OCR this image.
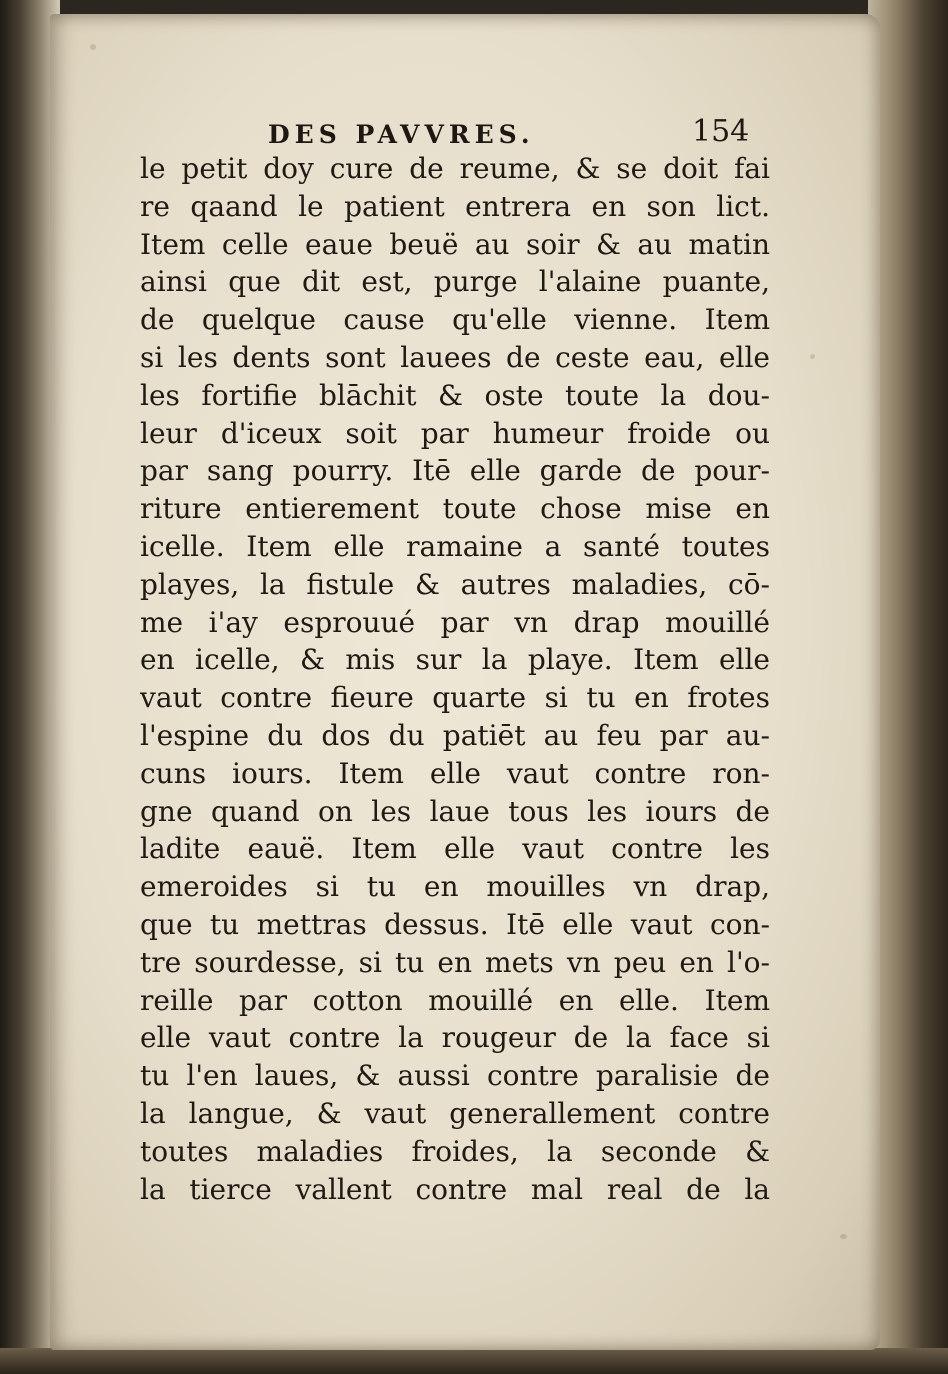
DES PAVVRES.	154
le petit doy cure de reume, & se doit fai
re qaand le patient entrera en son lict.
Item celle eaue beuë au soir & au matin
ainsi que dit est, purge l'alaine puante,
de quelque cause qu'elle vienne. Item
si les dents sont lauees de ceste eau, elle
les fortifie blāchit & oste toute la dou-
leur d'iceux soit par humeur froide ou
par sang pourry. Itē elle garde de pour-
riture entierement toute chose mise en
icelle. Item elle ramaine a santé toutes
playes, la fistule & autres maladies, cō-
me i'ay esprouué par vn drap mouillé
en icelle, & mis sur la playe. Item elle
vaut contre fieure quarte si tu en frotes
l'espine du dos du patiēt au feu par au-
cuns iours. Item elle vaut contre ron-
gne quand on les laue tous les iours de
ladite eauë. Item elle vaut contre les
emeroides si tu en mouilles vn drap,
que tu mettras dessus. Itē elle vaut con-
tre sourdesse, si tu en mets vn peu en l'o-
reille par cotton mouillé en elle. Item
elle vaut contre la rougeur de la face si
tu l'en laues, & aussi contre paralisie de
la langue, & vaut generallement contre
toutes maladies froides, la seconde &
la tierce vallent contre mal real de la
